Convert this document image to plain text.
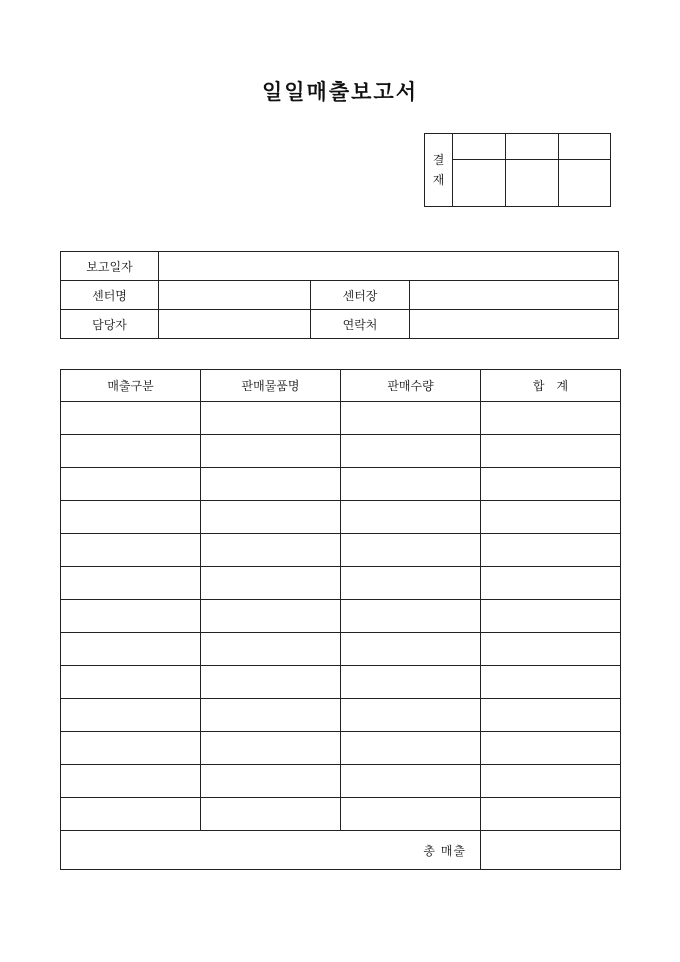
일일매출보고서
결
재			

보고일자			
센터명		센터장	
담당자		연락처	
매출구분	판매물품명	판매수량	합　계

총 매출			
